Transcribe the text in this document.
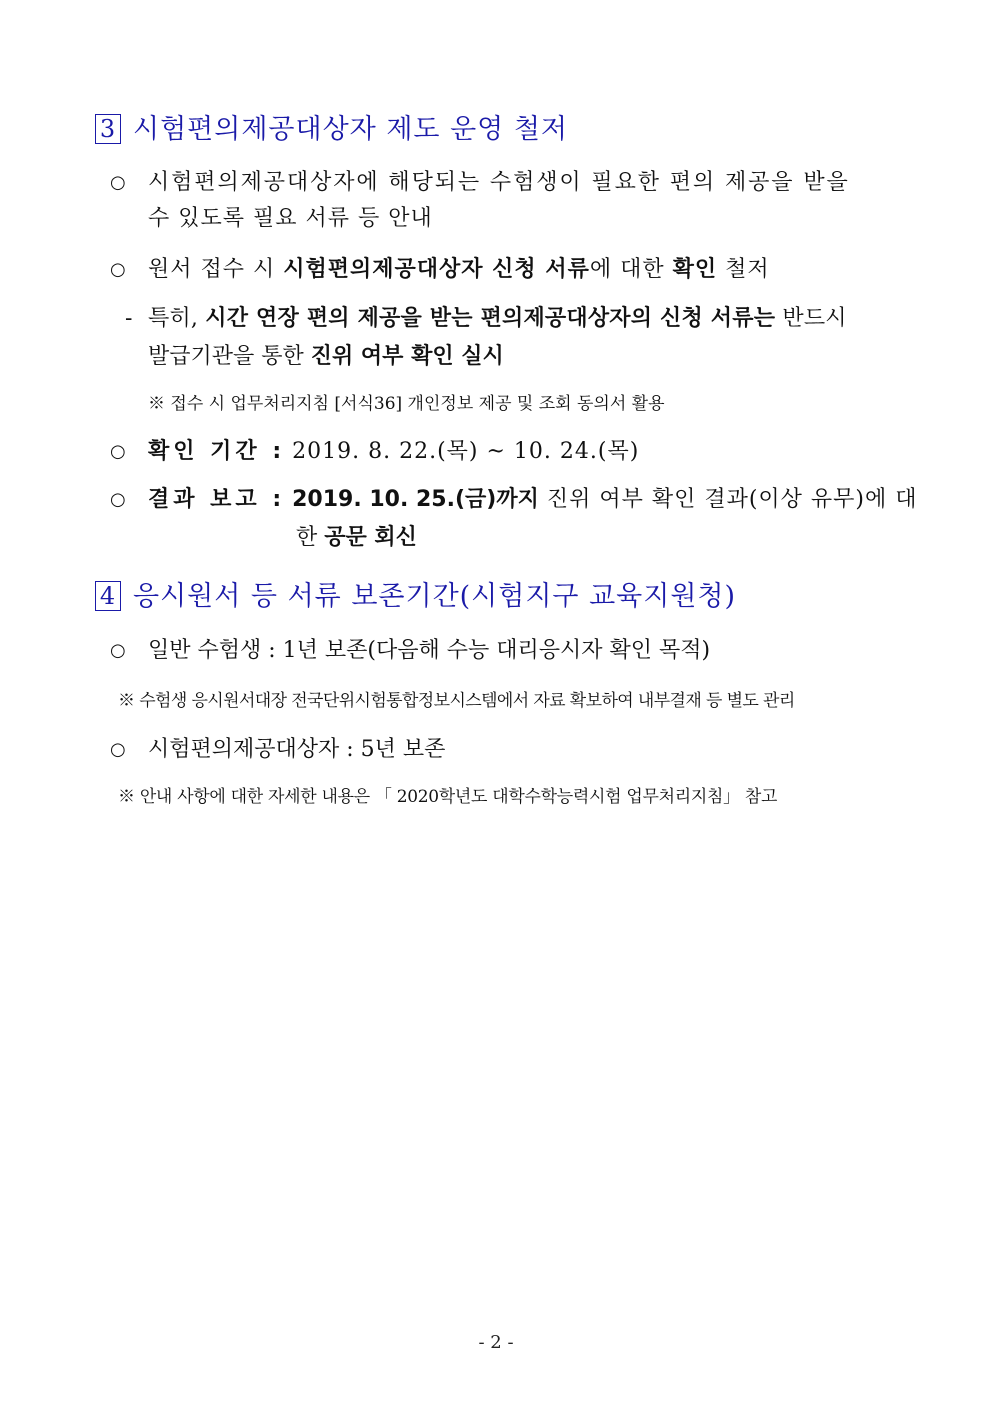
3 시험편의제공대상자 제도 운영 철저
○ 시험편의제공대상자에 해당되는 수험생이 필요한 편의 제공을 받을
수 있도록 필요 서류 등 안내
○ 원서 접수 시 시험편의제공대상자 신청 서류에 대한 확인 철저
- 특히, 시간 연장 편의 제공을 받는 편의제공대상자의 신청 서류는 반드시
발급기관을 통한 진위 여부 확인 실시
※ 접수 시 업무처리지침 [서식36] 개인정보 제공 및 조회 동의서 활용
○ 확인 기간 : 2019. 8. 22.(목) ~ 10. 24.(목)
○ 결과 보고 : 2019. 10. 25.(금)까지 진위 여부 확인 결과(이상 유무)에 대
한 공문 회신
4 응시원서 등 서류 보존기간(시험지구 교육지원청)
○ 일반 수험생 : 1년 보존(다음해 수능 대리응시자 확인 목적)
※ 수험생 응시원서대장 전국단위시험통합정보시스템에서 자료 확보하여 내부결재 등 별도 관리
○ 시험편의제공대상자 : 5년 보존
※ 안내 사항에 대한 자세한 내용은 「 2020학년도 대학수학능력시험 업무처리지침」 참고
- 2 -
